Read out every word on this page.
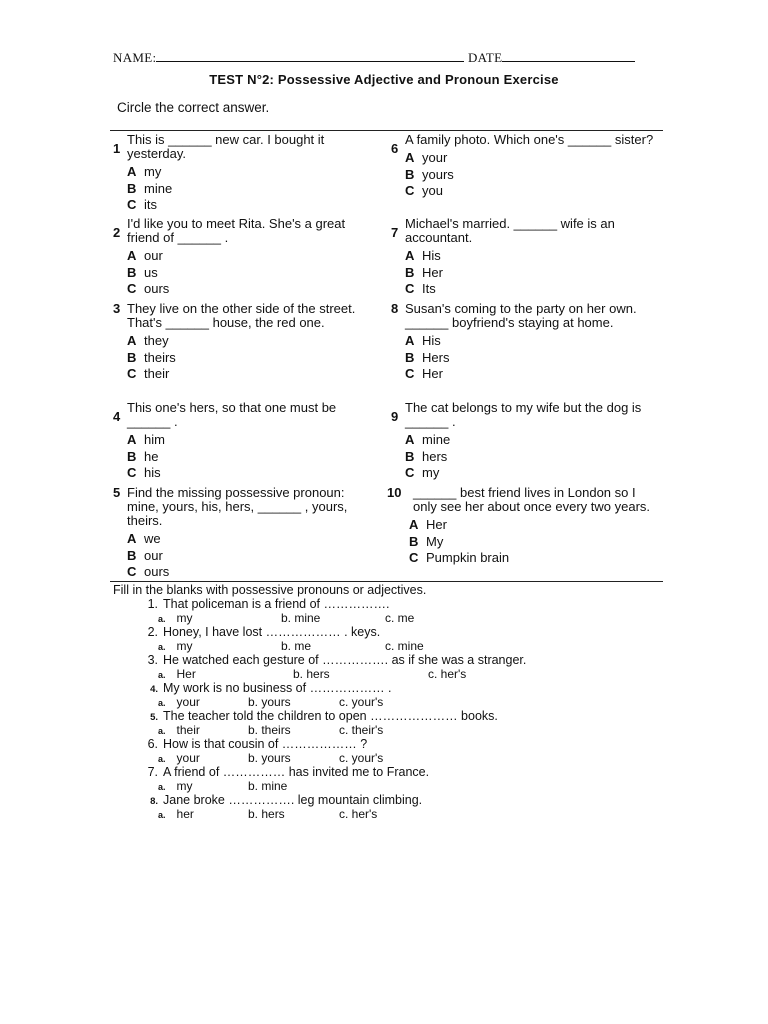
NAME:	DATE
TEST N°2: Possessive Adjective and Pronoun Exercise
Circle the correct answer.
1
This is ______ new car. I bought it yesterday.
A my
B mine
C its
6
A family photo. Which one's ______ sister?
A your
B yours
C you
2
I'd like you to meet Rita. She's a great friend of ______ .
A our
B us
C ours
7
Michael's married. ______ wife is an accountant.
A His
B Her
C Its
3 They live on the other side of the street. That's ______ house, the red one.
A they
B theirs
C their
8 Susan's coming to the party on her own. ______ boyfriend's staying at home.
A His
B Hers
C Her
4
This one's hers, so that one must be ______ .
A him
B he
C his
9
The cat belongs to my wife but the dog is ______ .
A mine
B hers
C my
5 Find the missing possessive pronoun: mine, yours, his, hers, ______ , yours, theirs.
A we
B our
C ours
10 ______ best friend lives in London so I only see her about once every two years.
A Her
B My
C Pumpkin brain
Fill in the blanks with possessive pronouns or adjectives.
1. That policeman is a friend of …………….
a. my	b. mine	c. me
2. Honey, I have lost ……………… . keys.
a. my	b. me	c. mine
3. He watched each gesture of ……………. as if she was a stranger.
a. Her	b. hers	c. her's
4. My work is no business of ……………… .
a. your	b. yours	c. your's
5. The teacher told the children to open ………………… books.
a. their	b. theirs	c. their's
6. How is that cousin of ……………… ?
a. your	b. yours	c. your's
7. A friend of …………… has invited me to France.
a. my	b. mine
8. Jane broke ……………. leg mountain climbing.
a. her	b. hers	c. her's
